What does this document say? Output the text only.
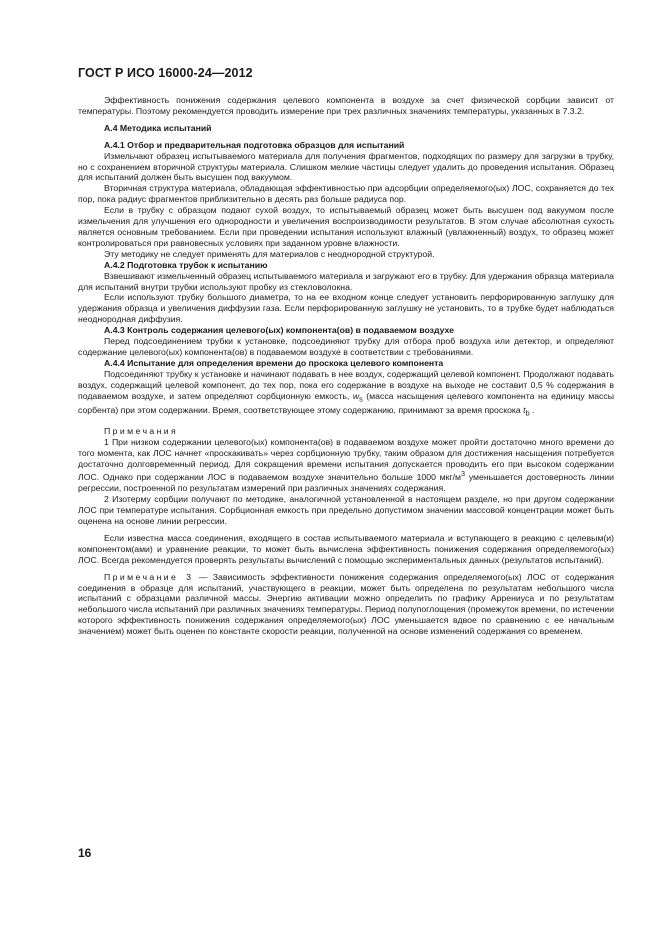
ГОСТ Р ИСО 16000-24—2012

Эффективность понижения содержания целевого компонента в воздухе за счет физической сорбции зависит от температуры. Поэтому рекомендуется проводить измерение при трех различных значениях температуры, указанных в 7.3.2.

А.4 Методика испытаний

А.4.1 Отбор и предварительная подготовка образцов для испытаний

Измельчают образец испытываемого материала для получения фрагментов, подходящих по размеру для загрузки в трубку, но с сохранением вторичной структуры материала. Слишком мелкие частицы следует удалить до проведения испытания. Образец для испытаний должен быть высушен под вакуумом.

Вторичная структура материала, обладающая эффективностью при адсорбции определяемого(ых) ЛОС, сохраняется до тех пор, пока радиус фрагментов приблизительно в десять раз больше радиуса пор.

Если в трубку с образцом подают сухой воздух, то испытываемый образец может быть высушен под вакуумом после измельчения для улучшения его однородности и увеличения воспроизводимости результатов. В этом случае абсолютная сухость является основным требованием. Если при проведении испытания используют влажный (увлажненный) воздух, то образец может контролироваться при равновесных условиях при заданном уровне влажности.

Эту методику не следует применять для материалов с неоднородной структурой.

А.4.2 Подготовка трубок к испытанию

Взвешивают измельченный образец испытываемого материала и загружают его в трубку. Для удержания образца материала для испытаний внутри трубки используют пробку из стекловолокна.

Если используют трубку большого диаметра, то на ее входном конце следует установить перфорированную заглушку для удержания образца и увеличения диффузии газа. Если перфорированную заглушку не установить, то в трубке будет наблюдаться неоднородная диффузия.

А.4.3 Контроль содержания целевого(ых) компонента(ов) в подаваемом воздухе

Перед подсоединением трубки к установке, подсоединяют трубку для отбора проб воздуха или детектор, и определяют содержание целевого(ых) компонента(ов) в подаваемом воздухе в соответствии с требованиями.

А.4.4 Испытание для определения времени до проскока целевого компонента

Подсоединяют трубку к установке и начинают подавать в нее воздух, содержащий целевой компонент. Продолжают подавать воздух, содержащий целевой компонент, до тех пор, пока его содержание в воздухе на выходе не составит 0,5 % содержания в подаваемом воздухе, и затем определяют сорбционную емкость, $w_s$ (масса насыщения целевого компонента на единицу массы сорбента) при этом содержании. Время, соответствующее этому содержанию, принимают за время проскока $t_b$ .

Примечания

1 При низком содержании целевого(ых) компонента(ов) в подаваемом воздухе может пройти достаточно много времени до того момента, как ЛОС начнет «проскакивать» через сорбционную трубку, таким образом для достижения насыщения потребуется достаточно долговременный период. Для сокращения времени испытания допускается проводить его при высоком содержании ЛОС. Однако при содержании ЛОС в подаваемом воздухе значительно больше 1000 мкг/$м^3$ уменьшается достоверность линии регрессии, построенной по результатам измерений при различных значениях содержания.

2 Изотерму сорбции получают по методике, аналогичной установленной в настоящем разделе, но при другом содержании ЛОС при температуре испытания. Сорбционная емкость при предельно допустимом значении массовой концентрации может быть оценена на основе линии регрессии.

Если известна масса соединения, входящего в состав испытываемого материала и вступающего в реакцию с целевым(и) компонентом(ами) и уравнение реакции, то может быть вычислена эффективность понижения содержания определяемого(ых) ЛОС. Всегда рекомендуется проверять результаты вычислений с помощью экспериментальных данных (результатов испытаний).

Примечание 3 — Зависимость эффективности понижения содержания определяемого(ых) ЛОС от содержания соединения в образце для испытаний, участвующего в реакции, может быть определена по результатам небольшого числа испытаний с образцами различной массы. Энергию активации можно определить по графику Аррениуса и по результатам небольшого числа испытаний при различных значениях температуры. Период полупоглощения (промежуток времени, по истечении которого эффективность понижения содержания определяемого(ых) ЛОС уменьшается вдвое по сравнению с ее начальным значением) может быть оценен по константе скорости реакции, полученной на основе изменений содержания со временем.

16
